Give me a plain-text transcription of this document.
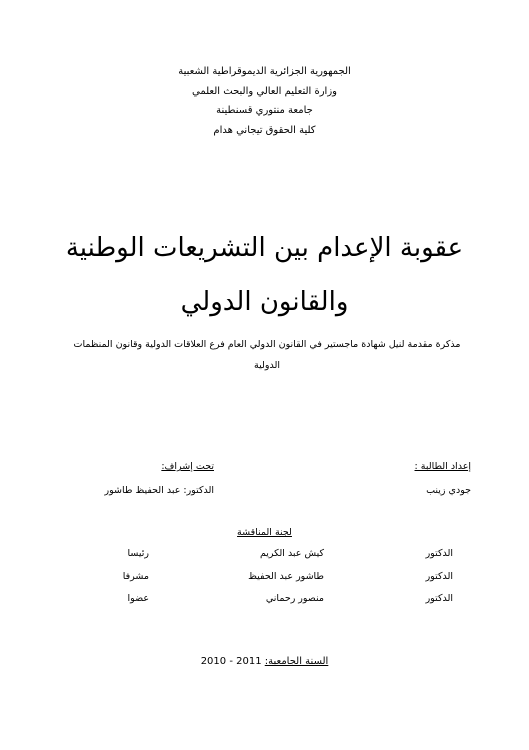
الجمهورية الجزائرية الديموقراطية الشعبية
وزارة التعليم العالي والبحث العلمي
جامعة منتوري قسنطينة
كلية الحقوق تيجاني هدام
عقوبة الإعدام بين التشريعات الوطنية
والقانون الدولي
مذكرة مقدمة لنيل شهادة ماجستير في القانون الدولي العام فرع العلاقات الدولية وقانون المنظمات الدولية
إعداد الطالبة :
جودي زينب
تحت إشراف:
الدكتور: عبد الحفيظ طاشور
لجنة المناقشة
الدكتور
كيش عبد الكريم
رئيسا
الدكتور
طاشور عبد الحفيظ
مشرفا
الدكتور
منصور رحماني
عضوا
السنة الجامعية: 2010 - 2011
